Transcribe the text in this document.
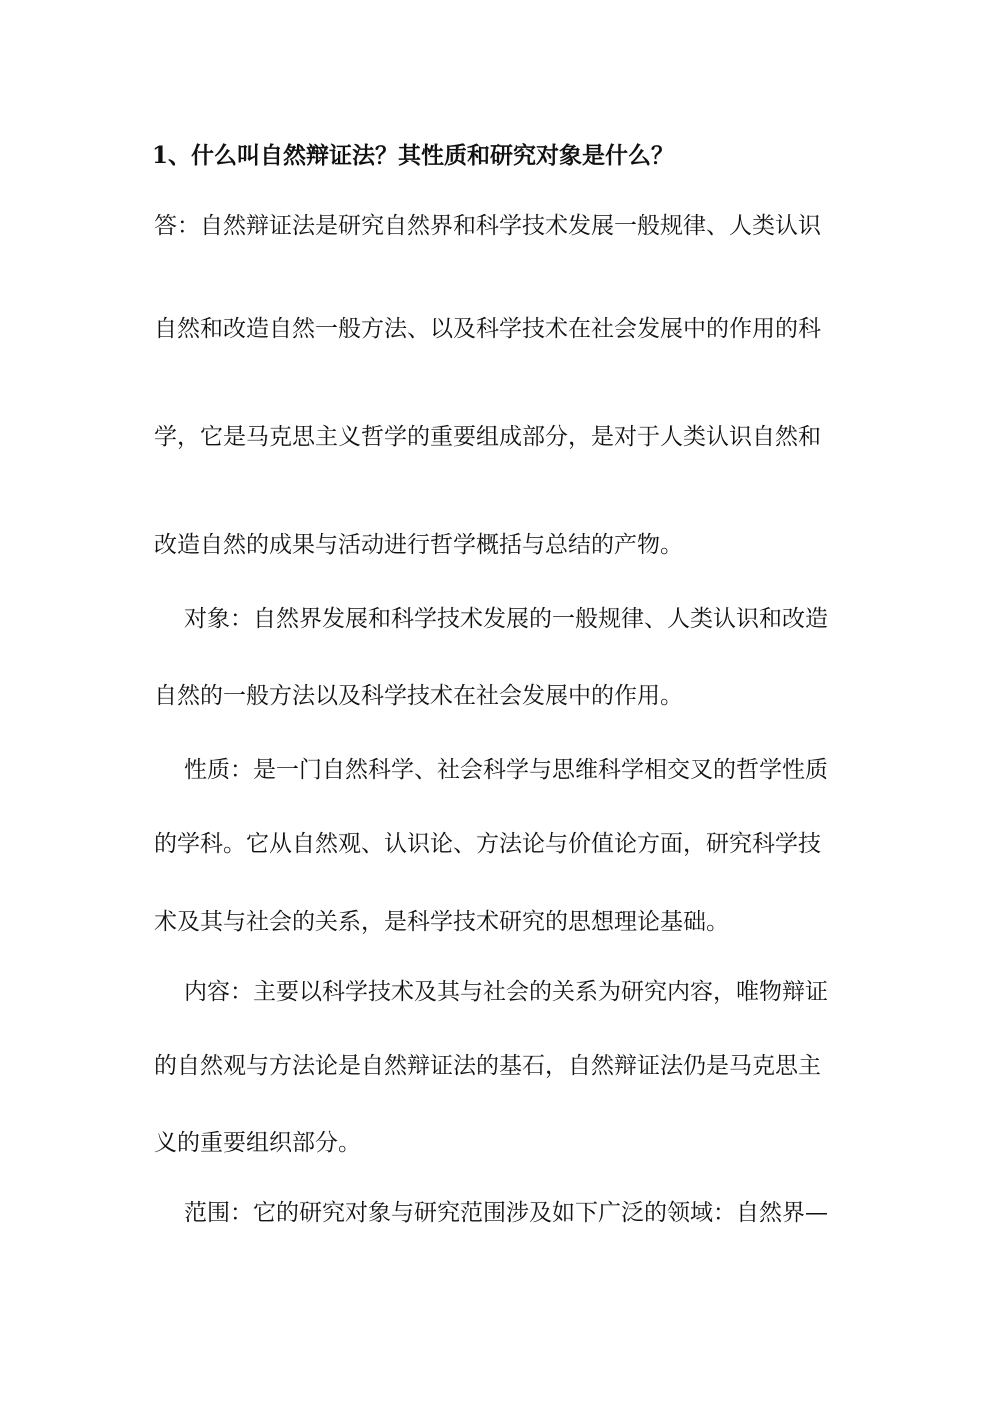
1、什么叫自然辩证法？其性质和研究对象是什么？
答：自然辩证法是研究自然界和科学技术发展一般规律、人类认识
自然和改造自然一般方法、以及科学技术在社会发展中的作用的科
学，它是马克思主义哲学的重要组成部分，是对于人类认识自然和
改造自然的成果与活动进行哲学概括与总结的产物。
对象：自然界发展和科学技术发展的一般规律、人类认识和改造
自然的一般方法以及科学技术在社会发展中的作用。
性质：是一门自然科学、社会科学与思维科学相交叉的哲学性质
的学科。它从自然观、认识论、方法论与价值论方面，研究科学技
术及其与社会的关系，是科学技术研究的思想理论基础。
内容：主要以科学技术及其与社会的关系为研究内容，唯物辩证
的自然观与方法论是自然辩证法的基石，自然辩证法仍是马克思主
义的重要组织部分。
范围：它的研究对象与研究范围涉及如下广泛的领域：自然界—
